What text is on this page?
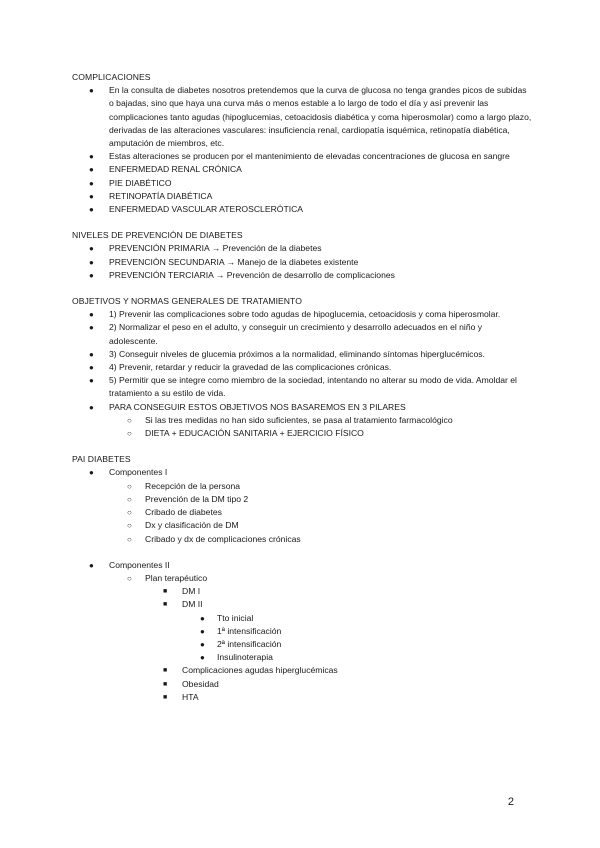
COMPLICACIONES
● En la consulta de diabetes nosotros pretendemos que la curva de glucosa no tenga grandes picos de subidas o bajadas, sino que haya una curva más o menos estable a lo largo de todo el día y así prevenir las complicaciones tanto agudas (hipoglucemias, cetoacidosis diabética y coma hiperosmolar) como a largo plazo, derivadas de las alteraciones vasculares: insuficiencia renal, cardiopatía isquémica, retinopatía diabética, amputación de miembros, etc.
● Estas alteraciones se producen por el mantenimiento de elevadas concentraciones de glucosa en sangre
● ENFERMEDAD RENAL CRÓNICA
● PIE DIABÉTICO
● RETINOPATÍA DIABÉTICA
● ENFERMEDAD VASCULAR ATEROSCLERÓTICA
NIVELES DE PREVENCIÓN DE DIABETES
● PREVENCIÓN PRIMARIA → Prevención de la diabetes
● PREVENCIÓN SECUNDARIA → Manejo de la diabetes existente
● PREVENCIÓN TERCIARIA → Prevención de desarrollo de complicaciones
OBJETIVOS Y NORMAS GENERALES DE TRATAMIENTO
● 1) Prevenir las complicaciones sobre todo agudas de hipoglucemia, cetoacidosis y coma hiperosmolar.
● 2) Normalizar el peso en el adulto, y conseguir un crecimiento y desarrollo adecuados en el niño y adolescente.
● 3) Conseguir niveles de glucemia próximos a la normalidad, eliminando síntomas hiperglucémicos.
● 4) Prevenir, retardar y reducir la gravedad de las complicaciones crónicas.
● 5) Permitir que se integre como miembro de la sociedad, intentando no alterar su modo de vida. Amoldar el tratamiento a su estilo de vida.
● PARA CONSEGUIR ESTOS OBJETIVOS NOS BASAREMOS EN 3 PILARES
○ Si las tres medidas no han sido suficientes, se pasa al tratamiento farmacológico
○ DIETA + EDUCACIÓN SANITARIA + EJERCICIO FÍSICO
PAI DIABETES
● Componentes I
○ Recepción de la persona
○ Prevención de la DM tipo 2
○ Cribado de diabetes
○ Dx y clasificación de DM
○ Cribado y dx de complicaciones crónicas
● Componentes II
○ Plan terapéutico
■ DM I
■ DM II
● Tto inicial
● 1ª intensificación
● 2ª intensificación
● Insulinoterapia
■ Complicaciones agudas hiperglucémicas
■ Obesidad
■ HTA
2
